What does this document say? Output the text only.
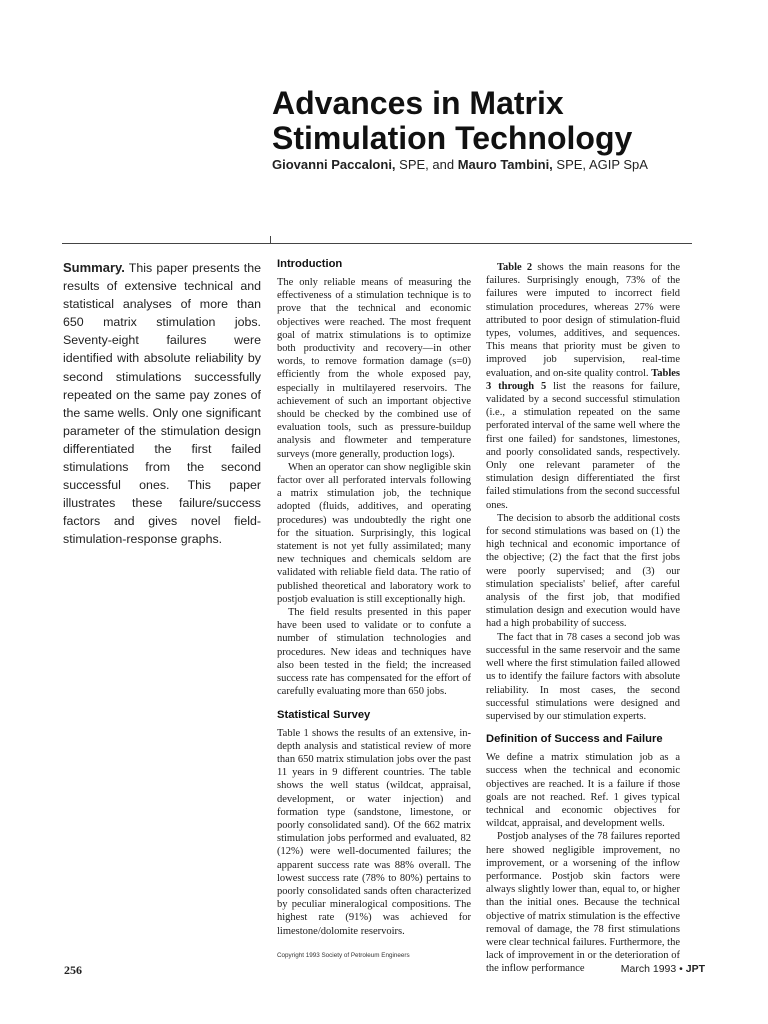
Advances in Matrix
Stimulation Technology
Giovanni Paccaloni, SPE, and Mauro Tambini, SPE, AGIP SpA

Summary. This paper presents the results of extensive technical and statistical analyses of more than 650 matrix stimulation jobs. Seventy-eight failures were identified with absolute reliability by second stimulations successfully repeated on the same pay zones of the same wells. Only one significant parameter of the stimulation design differentiated the first failed stimulations from the second successful ones. This paper illustrates these failure/success factors and gives novel field-stimulation-response graphs.

Introduction

The only reliable means of measuring the effectiveness of a stimulation technique is to prove that the technical and economic objectives were reached. The most frequent goal of matrix stimulations is to optimize both productivity and recovery—in other words, to remove formation damage (s=0) efficiently from the whole exposed pay, especially in multilayered reservoirs. The achievement of such an important objective should be checked by the combined use of evaluation tools, such as pressure-buildup analysis and flowmeter and temperature surveys (more generally, production logs).

When an operator can show negligible skin factor over all perforated intervals following a matrix stimulation job, the technique adopted (fluids, additives, and operating procedures) was undoubtedly the right one for the situation. Surprisingly, this logical statement is not yet fully assimilated; many new techniques and chemicals seldom are validated with reliable field data. The ratio of published theoretical and laboratory work to postjob evaluation is still exceptionally high.

The field results presented in this paper have been used to validate or to confute a number of stimulation technologies and procedures. New ideas and techniques have also been tested in the field; the increased success rate has compensated for the effort of carefully evaluating more than 650 jobs.

Statistical Survey

Table 1 shows the results of an extensive, in-depth analysis and statistical review of more than 650 matrix stimulation jobs over the past 11 years in 9 different countries. The table shows the well status (wildcat, appraisal, development, or water injection) and formation type (sandstone, limestone, or poorly consolidated sand). Of the 662 matrix stimulation jobs performed and evaluated, 82 (12%) were well-documented failures; the apparent success rate was 88% overall. The lowest success rate (78% to 80%) pertains to poorly consolidated sands often characterized by peculiar mineralogical compositions. The highest rate (91%) was achieved for limestone/dolomite reservoirs.

Copyright 1993 Society of Petroleum Engineers

Table 2 shows the main reasons for the failures. Surprisingly enough, 73% of the failures were imputed to incorrect field stimulation procedures, whereas 27% were attributed to poor design of stimulation-fluid types, volumes, additives, and sequences. This means that priority must be given to improved job supervision, real-time evaluation, and on-site quality control. Tables 3 through 5 list the reasons for failure, validated by a second successful stimulation (i.e., a stimulation repeated on the same perforated interval of the same well where the first one failed) for sandstones, limestones, and poorly consolidated sands, respectively. Only one relevant parameter of the stimulation design differentiated the first failed stimulations from the second successful ones.

The decision to absorb the additional costs for second stimulations was based on (1) the high technical and economic importance of the objective; (2) the fact that the first jobs were poorly supervised; and (3) our stimulation specialists' belief, after careful analysis of the first job, that modified stimulation design and execution would have had a high probability of success.

The fact that in 78 cases a second job was successful in the same reservoir and the same well where the first stimulation failed allowed us to identify the failure factors with absolute reliability. In most cases, the second successful stimulations were designed and supervised by our stimulation experts.

Definition of Success and Failure

We define a matrix stimulation job as a success when the technical and economic objectives are reached. It is a failure if those goals are not reached. Ref. 1 gives typical technical and economic objectives for wildcat, appraisal, and development wells.

Postjob analyses of the 78 failures reported here showed negligible improvement, no improvement, or a worsening of the inflow performance. Postjob skin factors were always slightly lower than, equal to, or higher than the initial ones. Because the technical objective of matrix stimulation is the effective removal of damage, the 78 first stimulations were clear technical failures. Furthermore, the lack of improvement in or the deterioration of the inflow performance

256	March 1993 • JPT
